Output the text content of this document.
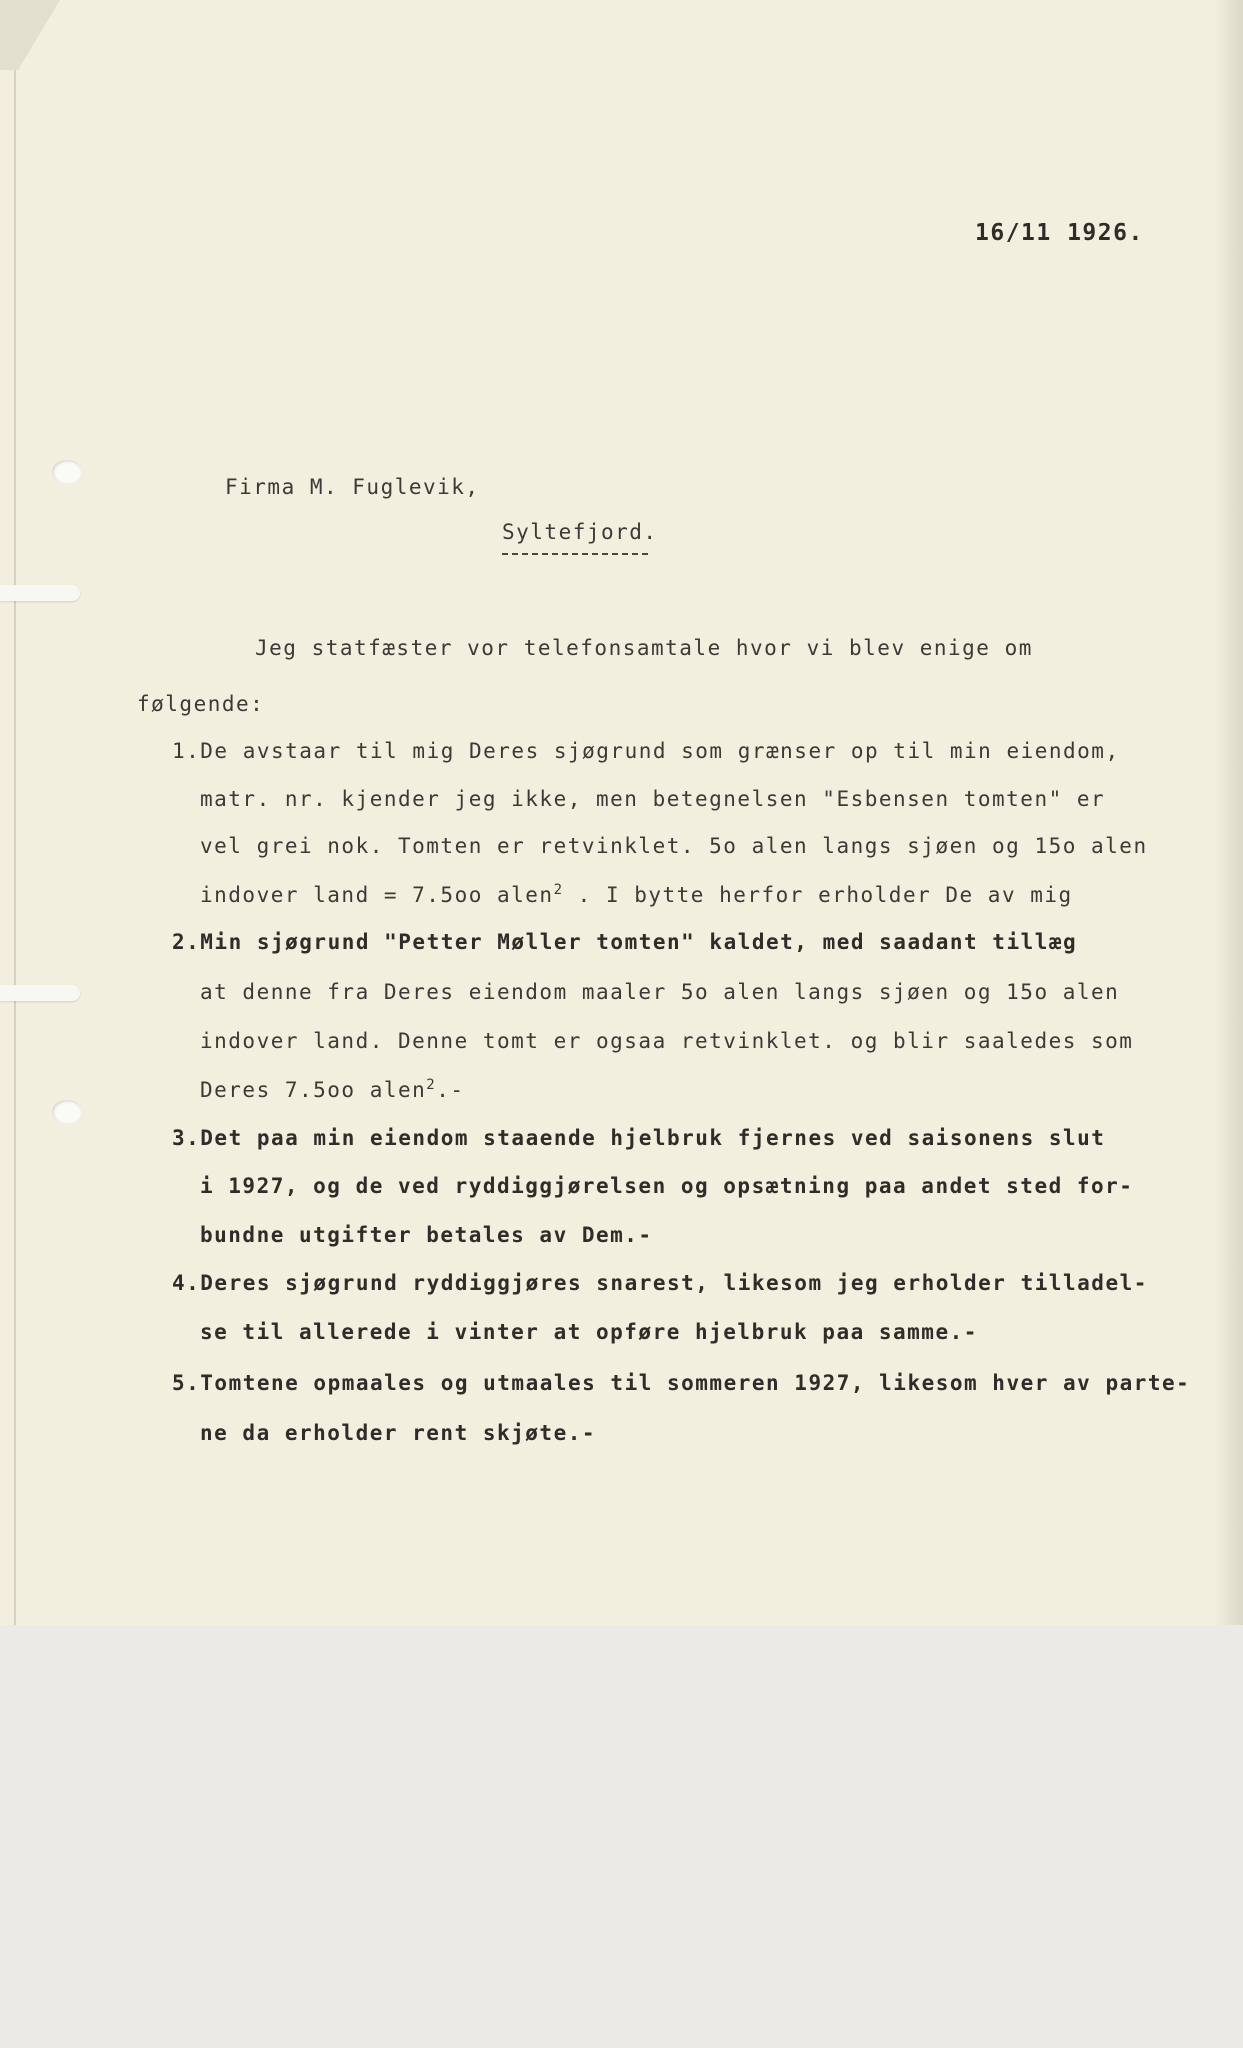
16/11 1926.
Firma M. Fuglevik,
Syltefjord.
Jeg statfæster vor telefonsamtale hvor vi blev enige om
følgende:
1.De avstaar til mig Deres sjøgrund som grænser op til min eiendom,
matr. nr. kjender jeg ikke, men betegnelsen "Esbensen tomten" er
vel grei nok. Tomten er retvinklet. 5o alen langs sjøen og 15o alen
indover land = 7.5oo alen$^2$ . I bytte herfor erholder De av mig
2.Min sjøgrund "Petter Møller tomten" kaldet, med saadant tillæg
at denne fra Deres eiendom maaler 5o alen langs sjøen og 15o alen
indover land. Denne tomt er ogsaa retvinklet. og blir saaledes som
Deres 7.5oo alen$^2$.-
3.Det paa min eiendom staaende hjelbruk fjernes ved saisonens slut
i 1927, og de ved ryddiggjørelsen og opsætning paa andet sted for-
bundne utgifter betales av Dem.-
4.Deres sjøgrund ryddiggjøres snarest, likesom jeg erholder tilladel-
se til allerede i vinter at opføre hjelbruk paa samme.-
5.Tomtene opmaales og utmaales til sommeren 1927, likesom hver av parte-
ne da erholder rent skjøte.-
